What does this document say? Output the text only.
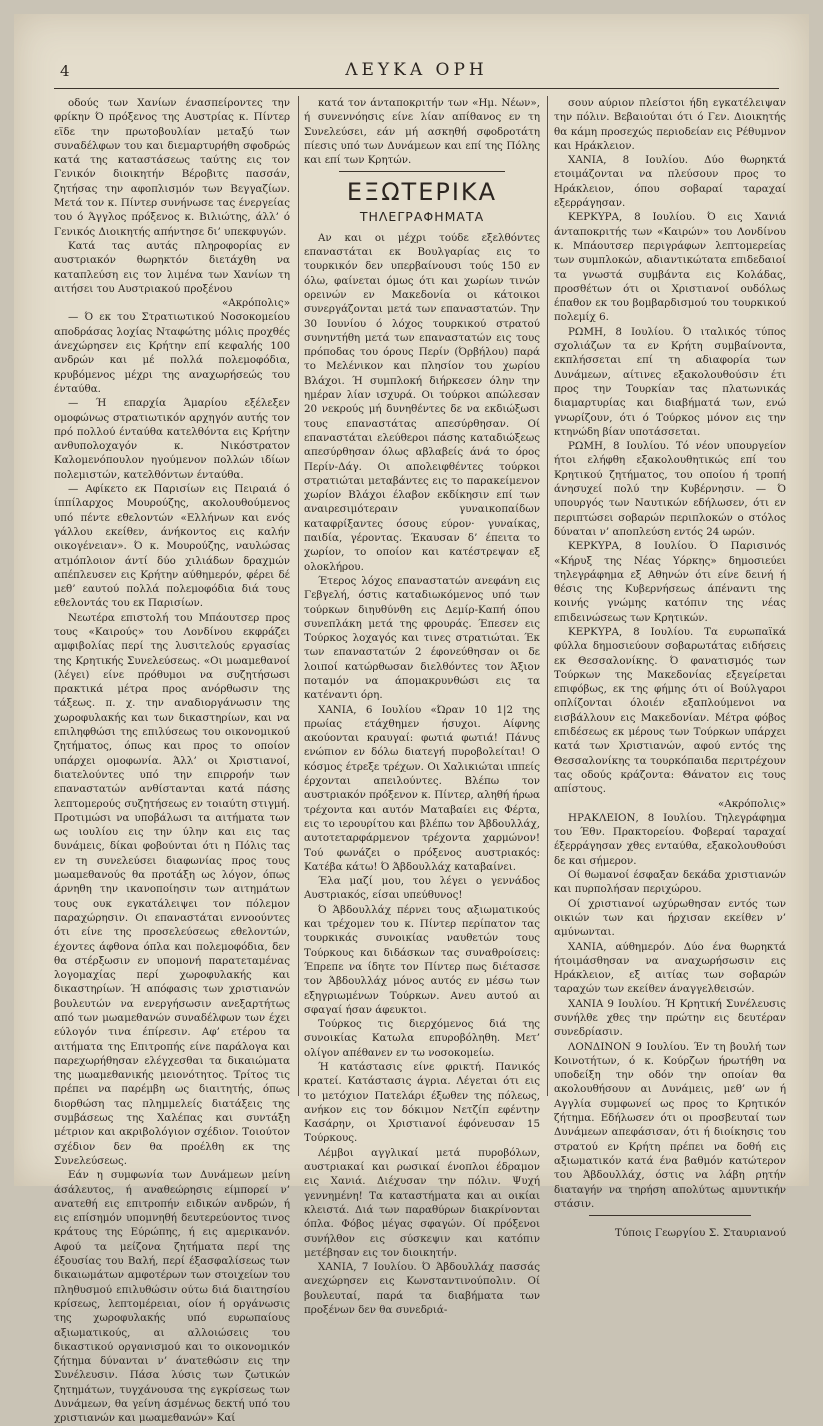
4	ΛΕΥΚΑ ΟΡΗ

οδούς των Χανίων ένασπείροντες την φρίκην Ό πρόξενος της Αυστρίας κ. Πίντερ εϊδε την πρωτοβουλίαν μεταξύ των συναδέλφων του και διεμαρτυρήθη σφοδρώς κατά της καταστάσεως ταύτης εις τον Γενικόν διοικητήν Βέροβιτς πασσάν, ζητήσας την αφοπλισμόν των Βεγγαζίων. Μετά τον κ. Πίντερ συνήνωσε τας ένεργείας του ό Άγγλος πρόξενος κ. Βιλιώτης, άλλ’ ό Γενικός Διοικητής απήντησε δι’ υπεκφυγών.

Κατά τας αυτάς πληροφορίας εν αυστριακόν θωρηκτόν διετάχθη να καταπλεύση εις τον λιμένα των Χανίων τη αιτήσει του Αυστριακού προξένου

«Ακρόπολις»

— Ό εκ του Στρατιωτικού Νοσοκομείου αποδράσας λοχίας Νταφώτης μόλις προχθές άνεχώρησεν εις Κρήτην επί κεφαλής 100 ανδρών και μέ πολλά πολεμοφόδια, κρυβόμενος μέχρι της αναχωρήσεώς του ένταύθα.

— Ή επαρχία Άμαρίου εξέλεξεν ομοφώνως στρατιωτικόν αρχηγόν αυτής τον πρό πολλού ένταύθα κατελθόντα εις Κρήτην ανθυπολοχαγόν κ. Νικόστρατον Καλομενόπουλον ηγούμενον πολλών ιδίων πολεμιστών, κατελθόντων ένταύθα.

— Αφίκετο εκ Παρισίων εις Πειραιά ό ίππίλαρχος Μουρούζης, ακολουθούμενος υπό πέντε εθελοντών «Ελλήνων και ενός γάλλου εκείθεν, άνήκοντος εις καλήν οικογένειαν». Ό κ. Μουρούζης, ναυλώσας ατμόπλοιον άντί δύο χιλιάδων δραχμών απέπλευσεν εις Κρήτην αύθημερόν, φέρει δέ μεθ’ εαυτού πολλά πολεμοφόδια διά τους εθελοντάς του εκ Παρισίων.

Νεωτέρα επιστολή του Μπάουτσερ προς τους «Καιρούς» του Λονδίνου εκφράζει αμφιβολίας περί της λυσιτελούς εργασίας της Κρητικής Συνελεύσεως. «Οι μωαμεθανοί (λέγει) είνε πρόθυμοι να συζητήσωσι πρακτικά μέτρα προς ανόρθωσιν της τάξεως. π. χ. την αναδιοργάνωσιν της χωροφυλακής και των δικαστηρίων, και να επιληφθώσι της επιλύσεως του οικονομικού ζητήματος, όπως και προς το οποίον υπάρχει ομοφωνία. Άλλ’ οι Χριστιανοί, διατελούντες υπό την επιρροήν των επαναστατών ανθίστανται κατά πάσης λεπτομερούς συζητήσεως εν τοιαύτη στιγμή. Προτιμώσι να υποβάλωσι τα αιτήματα των ως ιουλίου εις την ύλην και εις τας δυνάμεις, δίκαι φοβούνται ότι η Πόλις τας εν τη συνελεύσει διαφωνίας προς τους μωαμεθανούς θα προτάξη ως λόγον, όπως άρνηθη την ικανοποίησιν των αιτημάτων τους ουκ εγκατάλειψει τον πόλεμον παραχώρησιν. Οι επαναστάται εννοούντες ότι είνε της προσελεύσεως εθελοντών, έχοντες άφθονα όπλα και πολεμοφόδια, δεν θα στέρξωσιν εν υπομονή παρατεταμένας λογομαχίας περί χωροφυλακής και δικαστηρίων. Ή απόφασις των χριστιανών βουλευτών να ενεργήσωσιν ανεξαρτήτως από των μωαμεθανών συναδέλφων των έχει εύλογόν τινα έπίρεσιν. Αφ’ ετέρου τα αιτήματα της Επιτροπής είνε παράλογα και παρεχωρήθησαν ελέγχεσθαι τα δικαιώματα της μωαμεθανικής μειονότητος. Τρίτος τις πρέπει να παρέμβη ως διαιτητής, όπως διορθώση τας πλημμελείς διατάξεις της συμβάσεως της Χαλέπας και συντάξη μέτριον και ακριβολόγιον σχέδιον. Τοιούτον σχέδιον δεν θα προέλθη εκ της Συνελεύσεως.

Εάν η συμφωνία των Δυνάμεων μείνη άσάλευτος, ή αναθεώρησις είμπορεί ν’ ανατεθή εις επιτροπήν ειδικών ανδρών, ή εις επίσημόν υπομνηθή δευτερεύοντος τινος κράτους της Εύρώπης, ή εις αμερικανόν. Αφού τα μείζονα ζητήματα περί της έξουσίας του Βαλή, περί έξασφαλίσεως των δικαιωμάτων αμφοτέρων των στοιχείων του πληθυσμού επιλυθώσιν ούτω διά διαιτησίου κρίσεως, λεπτομέρειαι, οίον ή οργάνωσις της χωροφυλακής υπό ευρωπαίους αξιωματικούς, αι αλλοιώσεις του δικαστικού οργανισμού και το οικονομικόν ζήτημα δύνανται ν’ άνατεθώσιν εις την Συνέλευσιν. Πάσα λύσις των ζωτικών ζητημάτων, τυγχάνουσα της εγκρίσεως των Δυνάμεων, θα γείνη άσμένως δεκτή υπό του χριστιανών και μωαμεθανών» Καί

κατά τον άνταποκριτήν των «Ημ. Νέων», ή συνεννόησις είνε λίαν απίθανος εν τη Συνελεύσει, εάν μή ασκηθή σφοδροτάτη πίεσις υπό των Δυνάμεων και επί της Πόλης και επί των Κρητών.

ΕΞΩΤΕΡΙΚΑ
ΤΗΛΕΓΡΑΦΗΜΑΤΑ

Αν και οι μέχρι τούδε εξελθόντες επαναστάται εκ Βουλγαρίας εις το τουρκικόν δεν υπερβαίνουσι τούς 150 εν όλω, φαίνεται όμως ότι και χωρίων τινών ορεινών εν Μακεδονία οι κάτοικοι συνεργάζονται μετά των επαναστατών. Την 30 Ιουνίου ό λόχος τουρκικού στρατού συνηντήθη μετά των επαναστατών εις τους πρόποδας του όρους Περίν (Όρβήλου) παρά το Μελένικον και πλησίον του χωρίου Βλάχοι. Ή συμπλοκή διήρκεσεν όλην την ημέραν λίαν ισχυρά. Οι τούρκοι απώλεσαν 20 νεκρούς μή δυνηθέντες δε να εκδιώξωσι τους επαναστάτας απεσύρθησαν. Οί επαναστάται ελεύθεροι πάσης καταδιώξεως απεσύρθησαν όλως αβλαβείς άνά το όρος Περίν-Δάγ. Οι απολειφθέντες τούρκοι στρατιώται μεταβάντες εις το παρακείμενον χωρίον Βλάχοι έλαβον εκδίκησιν επί των αναιρεσιμότεραιν γυναικοπαίδων καταφρίξαντες όσους εύρον· γυναίκας, παιδία, γέροντας. Έκαυσαν δ’ έπειτα το χωρίον, το οποίον και κατέστρεψαν εξ ολοκλήρου.

Έτερος λόχος επαναστατών ανεφάνη εις Γεβγελή, όστις καταδιωκόμενος υπό των τούρκων διηυθύνθη εις Δεμίρ-Καπή όπου συνεπλάκη μετά της φρουράς. Έπεσεν εις Τούρκος λοχαγός και τινες στρατιώται. Έκ των επαναστατών 2 έφονεύθησαν οι δε λοιποί κατώρθωσαν διελθόντες τον Άξιον ποταμόν να άπομακρυνθώσι εις τα κατέναντι όρη.

ΧΑΝΙΑ, 6 Ιουλίου «Ώραν 10 1|2 της πρωίας ετάχθημεν ήσυχοι. Αίφνης ακούονται κραυγαί: φωτιά φωτιά! Πάνυς ενώπιον εν δόλω διατεγή πυροβολείται! Ο κόσμος έτρεξε τρέχων. Οι Χαλικιώται ιππείς έρχονται απειλούντες. Βλέπω τον αυστριακόν πρόξενον κ. Πίντερ, αληθή ήρωα τρέχοντα και αυτόν Ματαβαίει εις Φέρτα, εις το ιερουρίτου και βλέπω τον Άβδουλλάχ, αυτοτεταρφάρμενον τρέχοντα χαρμώνον! Τού φωνάζει ο πρόξενος αυστριακός: Κατέβα κάτω! Ό Άβδουλλάχ καταβαίνει.

Έλα μαζί μου, του λέγει ο γεννάδος Αυστριακός, είσαι υπεύθυνος!

Ό Άβδουλλάχ πέρνει τους αξιωματικούς και τρέχομεν του κ. Πίντερ περίπατον τας τουρκικάς συνοικίας ναυθετών τους Τούρκους και διδάσκων τας συναθροίσεις: Έπρεπε να ίδητε τον Πίντερ πως διέτασσε τον Άβδουλλάχ μόνος αυτός εν μέσω των εξηγριωμένων Τούρκων. Ανευ αυτού αι σφαγαί ήσαν άφευκτοι.

Τούρκος τις διερχόμενος διά της συνοικίας Κατωλα επυροβόληθη. Μετ’ ολίγον απέθανεν εν τω νοσοκομείω.

Ή κατάστασις είνε φρικτή. Πανικός κρατεί. Κατάστασις άγρια. Λέγεται ότι εις το μετόχιον Πατελάρι έξωθεν της πόλεως, ανήκον εις τον δόκιμον Νετζίπ εφέντην Κασάρην, οι Χριστιανοί έφόνευσαν 15 Τούρκους.

Λέμβοι αγγλικαί μετά πυροβόλων, αυστριακαί και ρωσικαί ένοπλοι έδραμον εις Χανιά. Διέχυσαν την πόλιν. Ψυχή γεννημένη! Τα καταστήματα και αι οικίαι κλειστά. Διά των παραθύρων διακρίνονται όπλα. Φόβος μέγας σφαγών. Οί πρόξενοι συνήλθον εις σύσκεψιν και κατόπιν μετέβησαν εις τον διοικητήν.

ΧΑΝΙΑ, 7 Ιουλίου. Ό Άβδουλλάχ πασσάς ανεχώρησεν εις Κωνσταντινούπολιν. Οί βουλευταί, παρά τα διαβήματα των προξένων δεν θα συνεδριά-

σουν αύριον πλείστοι ήδη εγκατέλειψαν την πόλιν. Βεβαιούται ότι ό Γεν. Διοικητής θα κάμη προσεχώς περιοδείαν εις Ρέθυμνον και Ηράκλειον.

ΧΑΝΙΑ, 8 Ιουλίου. Δύο θωρηκτά ετοιμάζονται να πλεύσουν προς το Ηράκλειον, όπου σοβαραί ταραχαί εξερράγησαν.

ΚΕΡΚΥΡΑ, 8 Ιουλίου. Ό εις Χανιά άνταποκριτής των «Καιρών» του Λονδίνου κ. Μπάουτσερ περιγράφων λεπτομερείας των συμπλοκών, αδιαντικώτατα επιδεδαιοί τα γνωστά συμβάντα εις Κολάδας, προσθέτων ότι οι Χριστιανοί ουδόλως έπαθον εκ του βομβαρδισμού του τουρκικού πολεμίχ 6.

ΡΩΜΗ, 8 Ιουλίου. Ό ιταλικός τύπος σχολιάζων τα εν Κρήτη συμβαίνοντα, εκπλήσσεται επί τη αδιαφορία των Δυνάμεων, αίτινες εξακολουθούσιν έτι προς την Τουρκίαν τας πλατωνικάς διαμαρτυρίας και διαβήματά των, ενώ γνωρίζουν, ότι ό Τούρκος μόνον εις την κτηνώδη βίαν υποτάσσεται.

ΡΩΜΗ, 8 Ιουλίου. Τό νέον υπουργείον ήτοι ελήφθη εξακολουθητικώς επί του Κρητικού ζητήματος, του οποίου ή τροπή άνησυχεί πολύ την Κυβέρνησιν. — Ό υπουργός των Ναυτικών εδήλωσεν, ότι εν περιπτώσει σοβαρών περιπλοκών ο στόλος δύναται ν’ αποπλεύση εντός 24 ωρών.

ΚΕΡΚΥΡΑ, 8 Ιουλίου. Ό Παρισινός «Κήρυξ της Νέας Υόρκης» δημοσιεύει τηλεγράφημα εξ Αθηνών ότι είνε δεινή ή θέσις της Κυβερνήσεως άπέναντι της κοινής γνώμης κατόπιν της νέας επιδεινώσεως των Κρητικών.

ΚΕΡΚΥΡΑ, 8 Ιουλίου. Τα ευρωπαϊκά φύλλα δημοσιεύουν σοβαρωτάτας ειδήσεις εκ Θεσσαλονίκης. Ό φανατισμός των Τούρκων της Μακεδονίας εξεγείρεται επιφόβως, εκ της φήμης ότι οί Βούλγαροι οπλίζονται όλοιέν εξαπλούμενοι να εισβάλλουν εις Μακεδονίαν. Μέτρα φόβος επιδέσεως εκ μέρους των Τούρκων υπάρχει κατά των Χριστιανών, αφού εντός της Θεσσαλονίκης τα τουρκόπαιδα περιτρέχουν τας οδούς κράζοντα: Θάνατον εις τους απίστους.

«Ακρόπολις»

ΗΡΑΚΛΕΙΟΝ, 8 Ιουλίου. Τηλεγράφημα του Έθν. Πρακτορείου. Φοβεραί ταραχαί έξερράγησαν χθες ενταύθα, εξακολουθούσι δε και σήμερον.

Οί θωμανοί έσφαξαν δεκάδα χριστιανών και πυρπολήσαν περιχώρου.

Οί χριστιανοί ωχύρωθησαν εντός των οικιών των και ήρχισαν εκείθεν ν’ αμύνωνται.

ΧΑΝΙΑ, αύθημερόν. Δύο ένα θωρηκτά ήτοιμάσθησαν να αναχωρήσωσιν εις Ηράκλειον, εξ αιτίας των σοβαρών ταραχών των εκείθεν άναγγελθεισών.

ΧΑΝΙΑ 9 Ιουλίου. Ή Κρητική Συνέλευσις συνήλθε χθες την πρώτην εις δευτέραν συνεδρίασιν.

ΛΟΝΔΙΝΟΝ 9 Ιουλίου. Έν τη βουλή των Κοινοτήτων, ό κ. Κούρζων ήρωτήθη να υποδείξη την οδόν την οποίαν θα ακολουθήσουν αι Δυνάμεις, μεθ’ ων ή Αγγλία συμφωνεί ως προς το Κρητικόν ζήτημα. Εδήλωσεν ότι οι προσβευταί των Δυνάμεων απεφάσισαν, ότι ή διοίκησις του στρατού εν Κρήτη πρέπει να δοθή εις αξιωματικόν κατά ένα βαθμόν κατώτερον του Άβδουλλάχ, όστις να λάβη ρητήν διαταγήν να τηρήση απολύτως αμυντικήν στάσιν.

Τύποις Γεωργίου Σ. Σταυριανού
